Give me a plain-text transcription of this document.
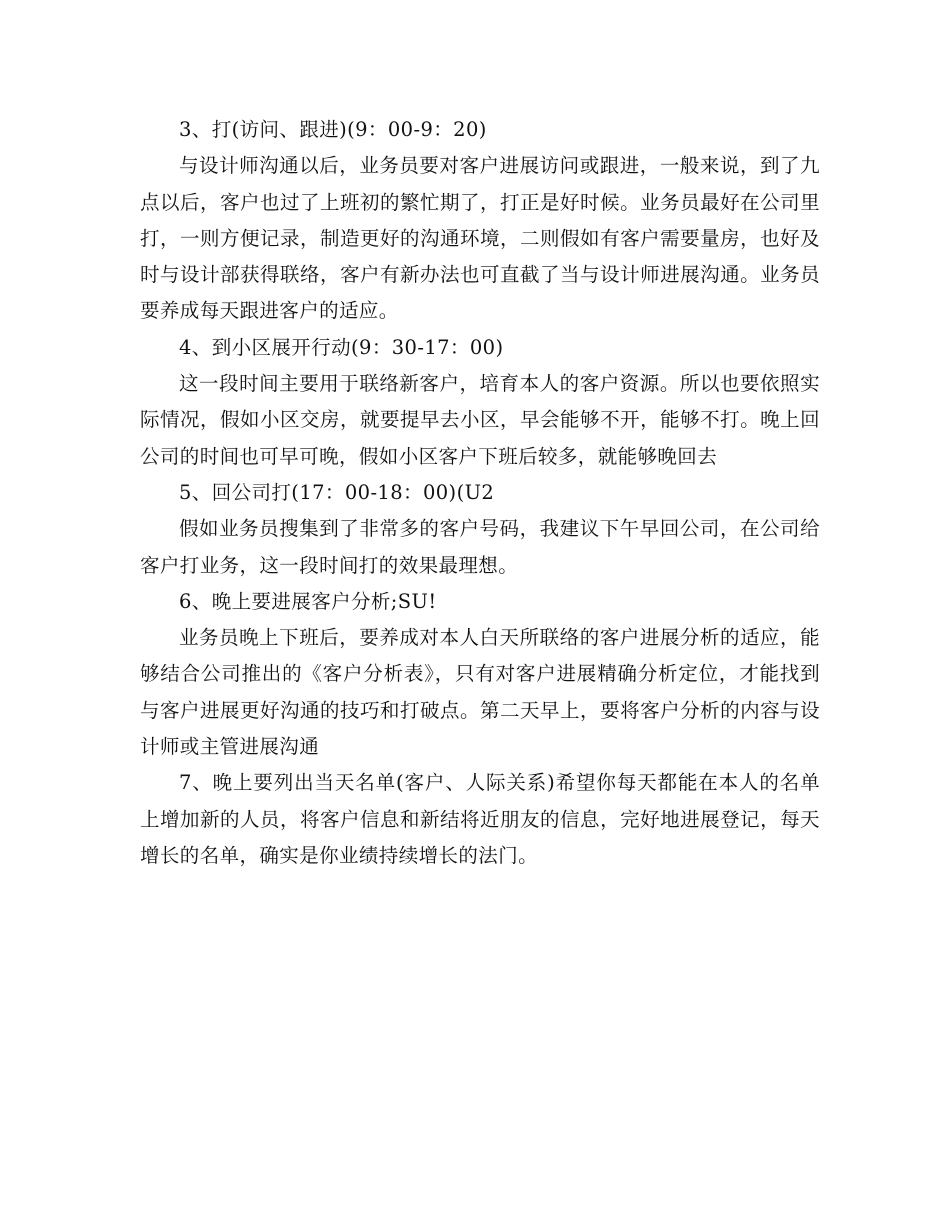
3、打(访问、跟进)(9：00-9：20)

与设计师沟通以后，业务员要对客户进展访问或跟进，一般来说，到了九点以后，客户也过了上班初的繁忙期了，打正是好时候。业务员最好在公司里打，一则方便记录，制造更好的沟通环境，二则假如有客户需要量房，也好及时与设计部获得联络，客户有新办法也可直截了当与设计师进展沟通。业务员要养成每天跟进客户的适应。

4、到小区展开行动(9：30-17：00)

这一段时间主要用于联络新客户，培育本人的客户资源。所以也要依照实际情况，假如小区交房，就要提早去小区，早会能够不开，能够不打。晚上回公司的时间也可早可晚，假如小区客户下班后较多，就能够晚回去

5、回公司打(17：00-18：00)(U2

假如业务员搜集到了非常多的客户号码，我建议下午早回公司，在公司给客户打业务，这一段时间打的效果最理想。

6、晚上要进展客户分析;SU!

业务员晚上下班后，要养成对本人白天所联络的客户进展分析的适应，能够结合公司推出的《客户分析表》，只有对客户进展精确分析定位，才能找到与客户进展更好沟通的技巧和打破点。第二天早上，要将客户分析的内容与设计师或主管进展沟通

7、晚上要列出当天名单(客户、人际关系)希望你每天都能在本人的名单上增加新的人员，将客户信息和新结将近朋友的信息，完好地进展登记，每天增长的名单，确实是你业绩持续增长的法门。
